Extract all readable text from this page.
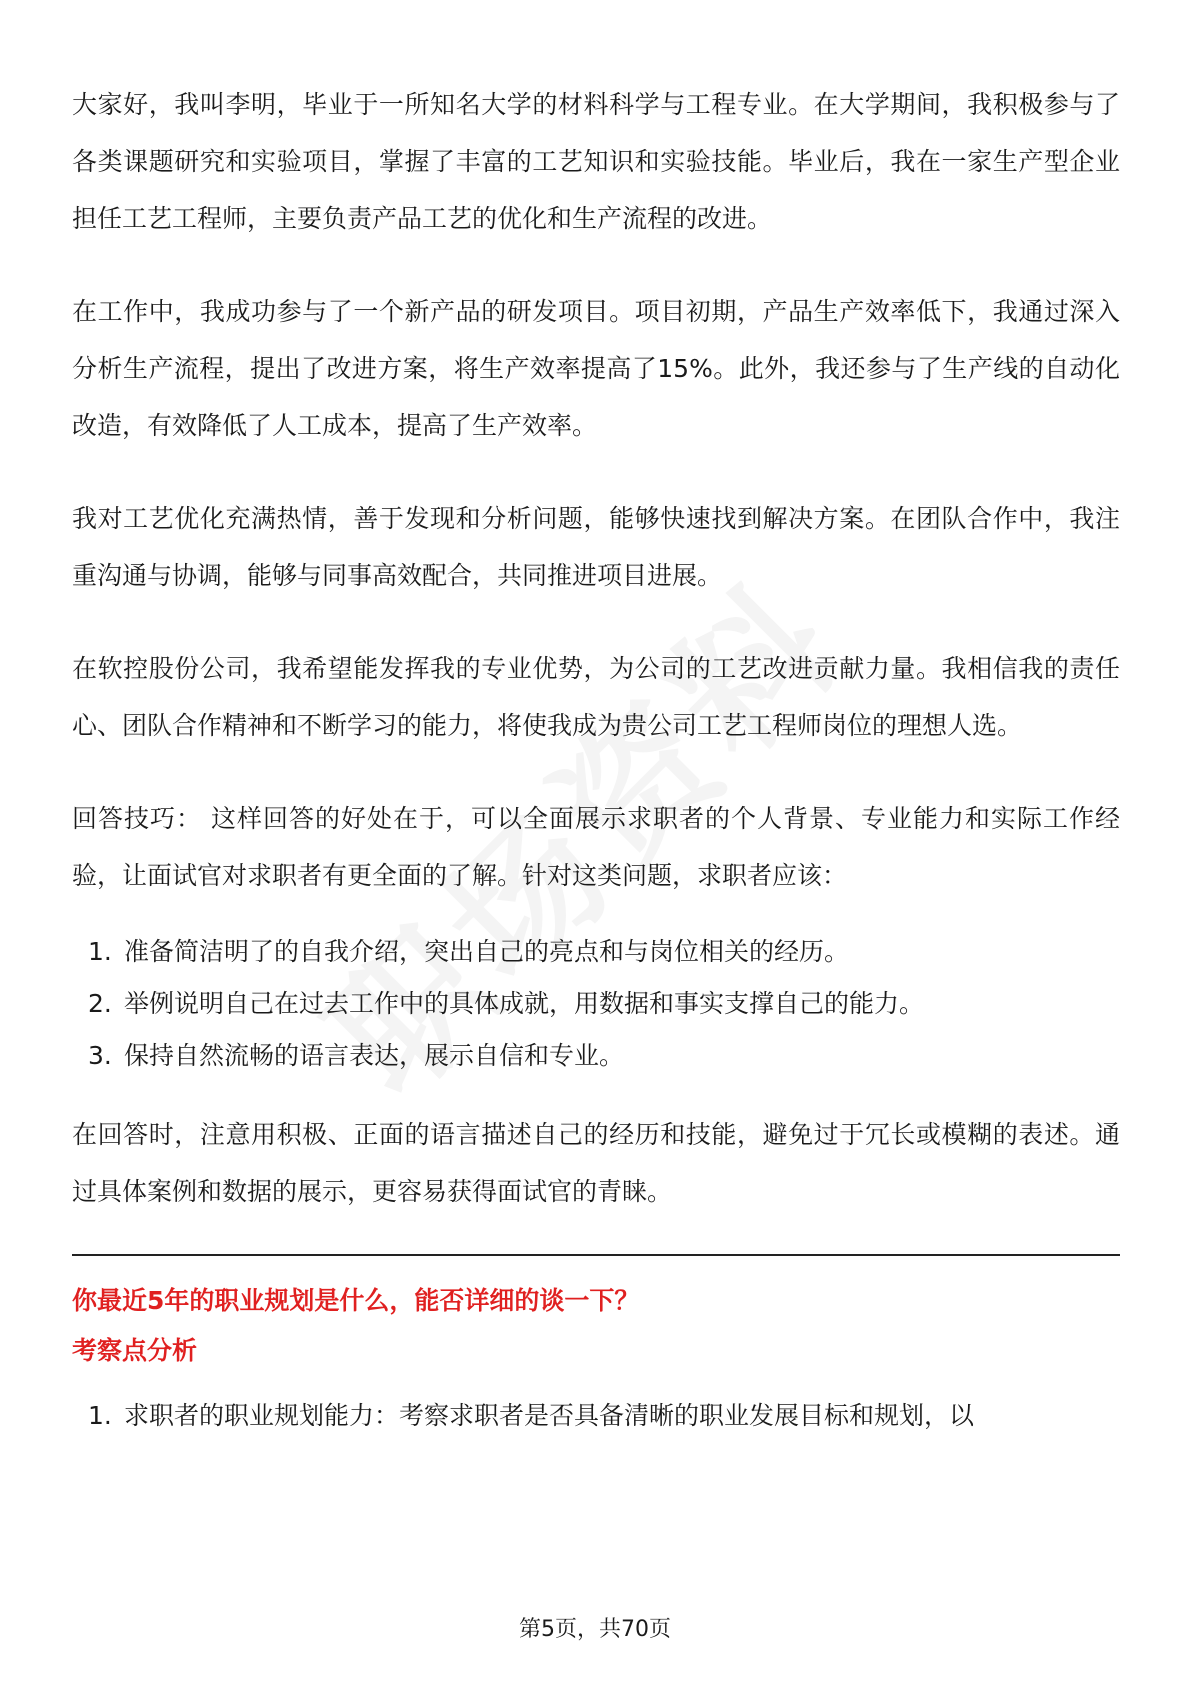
大家好，我叫李明，毕业于一所知名大学的材料科学与工程专业。在大学期间，我积极参与了各类课题研究和实验项目，掌握了丰富的工艺知识和实验技能。毕业后，我在一家生产型企业担任工艺工程师，主要负责产品工艺的优化和生产流程的改进。

在工作中，我成功参与了一个新产品的研发项目。项目初期，产品生产效率低下，我通过深入分析生产流程，提出了改进方案，将生产效率提高了15%。此外，我还参与了生产线的自动化改造，有效降低了人工成本，提高了生产效率。

我对工艺优化充满热情，善于发现和分析问题，能够快速找到解决方案。在团队合作中，我注重沟通与协调，能够与同事高效配合，共同推进项目进展。

在软控股份公司，我希望能发挥我的专业优势，为公司的工艺改进贡献力量。我相信我的责任心、团队合作精神和不断学习的能力，将使我成为贵公司工艺工程师岗位的理想人选。

回答技巧： 这样回答的好处在于，可以全面展示求职者的个人背景、专业能力和实际工作经验，让面试官对求职者有更全面的了解。针对这类问题，求职者应该：

1. 准备简洁明了的自我介绍，突出自己的亮点和与岗位相关的经历。
2. 举例说明自己在过去工作中的具体成就，用数据和事实支撑自己的能力。
3. 保持自然流畅的语言表达，展示自信和专业。

在回答时，注意用积极、正面的语言描述自己的经历和技能，避免过于冗长或模糊的表述。通过具体案例和数据的展示，更容易获得面试官的青睐。

你最近5年的职业规划是什么，能否详细的谈一下？
考察点分析
1. 求职者的职业规划能力：考察求职者是否具备清晰的职业发展目标和规划，以
第5页，共70页
